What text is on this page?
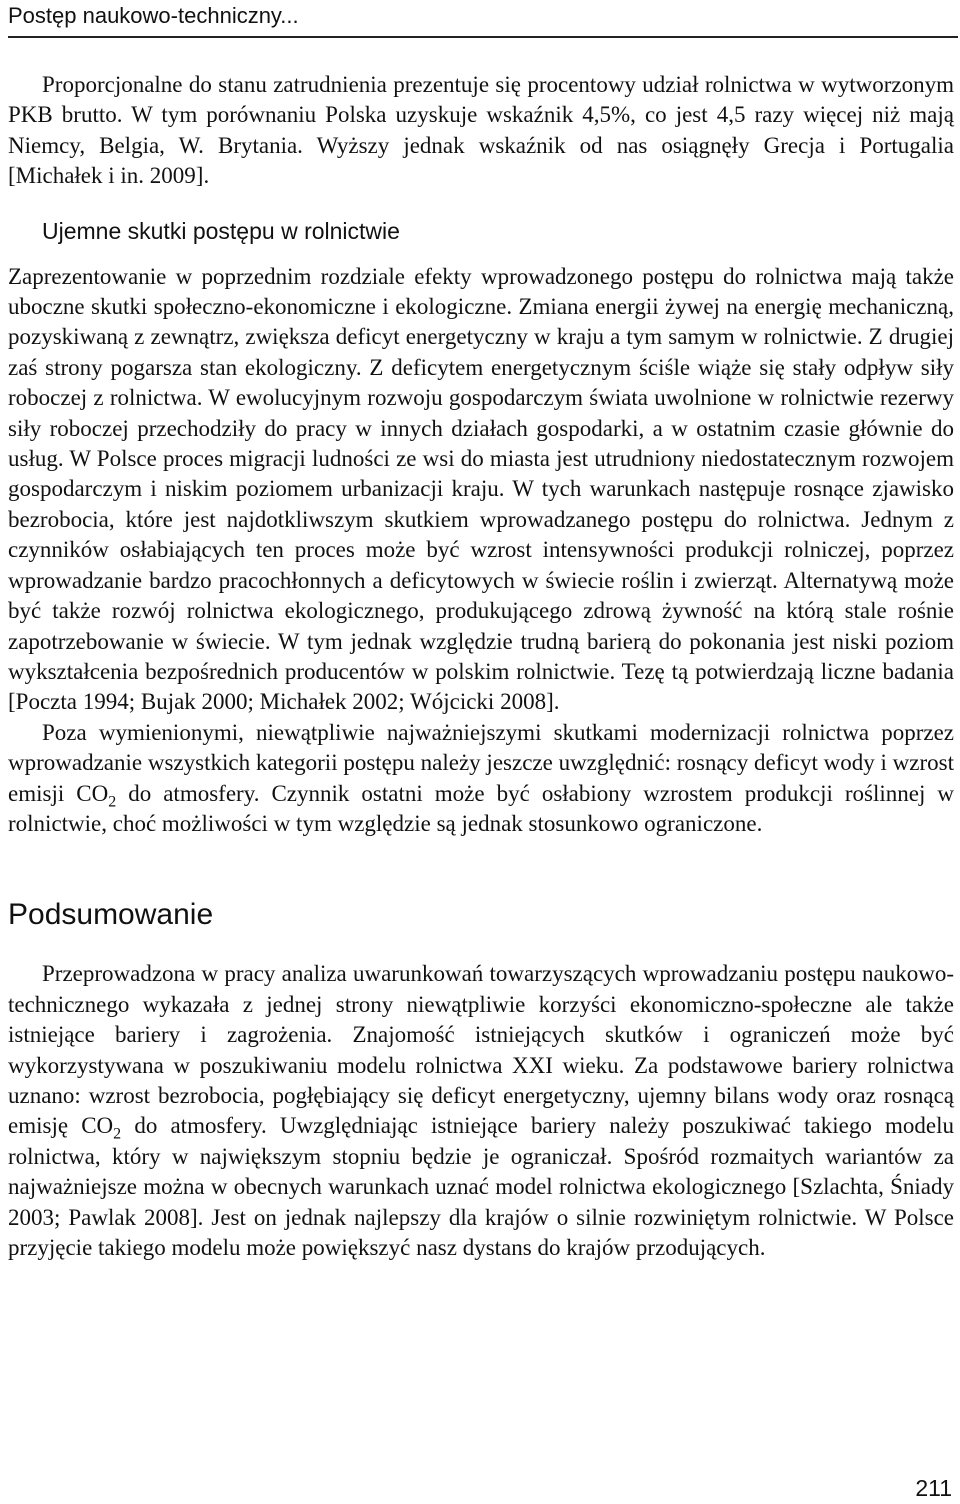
Postęp naukowo-techniczny...

Proporcjonalne do stanu zatrudnienia prezentuje się procentowy udział rolnictwa w wytworzonym PKB brutto. W tym porównaniu Polska uzyskuje wskaźnik 4,5%, co jest 4,5 razy więcej niż mają Niemcy, Belgia, W. Brytania. Wyższy jednak wskaźnik od nas osiągnęły Grecja i Portugalia [Michałek i in. 2009].

Ujemne skutki postępu w rolnictwie

Zaprezentowanie w poprzednim rozdziale efekty wprowadzonego postępu do rolnictwa mają także uboczne skutki społeczno-ekonomiczne i ekologiczne. Zmiana energii żywej na energię mechaniczną, pozyskiwaną z zewnątrz, zwiększa deficyt energetyczny w kraju a tym samym w rolnictwie. Z drugiej zaś strony pogarsza stan ekologiczny. Z deficytem energetycznym ściśle wiąże się stały odpływ siły roboczej z rolnictwa. W ewolucyjnym rozwoju gospodarczym świata uwolnione w rolnictwie rezerwy siły roboczej przechodziły do pracy w innych działach gospodarki, a w ostatnim czasie głównie do usług. W Polsce proces migracji ludności ze wsi do miasta jest utrudniony niedostatecznym rozwojem gospodarczym i niskim poziomem urbanizacji kraju. W tych warunkach następuje rosnące zjawisko bezrobocia, które jest najdotkliwszym skutkiem wprowadzanego postępu do rolnictwa. Jednym z czynników osłabiających ten proces może być wzrost intensywności produkcji rolniczej, poprzez wprowadzanie bardzo pracochłonnych a deficytowych w świecie roślin i zwierząt. Alternatywą może być także rozwój rolnictwa ekologicznego, produkującego zdrową żywność na którą stale rośnie zapotrzebowanie w świecie. W tym jednak względzie trudną barierą do pokonania jest niski poziom wykształcenia bezpośrednich producentów w polskim rolnictwie. Tezę tą potwierdzają liczne badania [Poczta 1994; Bujak 2000; Michałek 2002; Wójcicki 2008].

Poza wymienionymi, niewątpliwie najważniejszymi skutkami modernizacji rolnictwa poprzez wprowadzanie wszystkich kategorii postępu należy jeszcze uwzględnić: rosnący deficyt wody i wzrost emisji $CO_2$ do atmosfery. Czynnik ostatni może być osłabiony wzrostem produkcji roślinnej w rolnictwie, choć możliwości w tym względzie są jednak stosunkowo ograniczone.

Podsumowanie

Przeprowadzona w pracy analiza uwarunkowań towarzyszących wprowadzaniu postępu naukowo-technicznego wykazała z jednej strony niewątpliwie korzyści ekonomiczno-społeczne ale także istniejące bariery i zagrożenia. Znajomość istniejących skutków i ograniczeń może być wykorzystywana w poszukiwaniu modelu rolnictwa XXI wieku. Za podstawowe bariery rolnictwa uznano: wzrost bezrobocia, pogłębiający się deficyt energetyczny, ujemny bilans wody oraz rosnącą emisję $CO_2$ do atmosfery. Uwzględniając istniejące bariery należy poszukiwać takiego modelu rolnictwa, który w największym stopniu będzie je ograniczał. Spośród rozmaitych wariantów za najważniejsze można w obecnych warunkach uznać model rolnictwa ekologicznego [Szlachta, Śniady 2003; Pawlak 2008]. Jest on jednak najlepszy dla krajów o silnie rozwiniętym rolnictwie. W Polsce przyjęcie takiego modelu może powiększyć nasz dystans do krajów przodujących.

211
